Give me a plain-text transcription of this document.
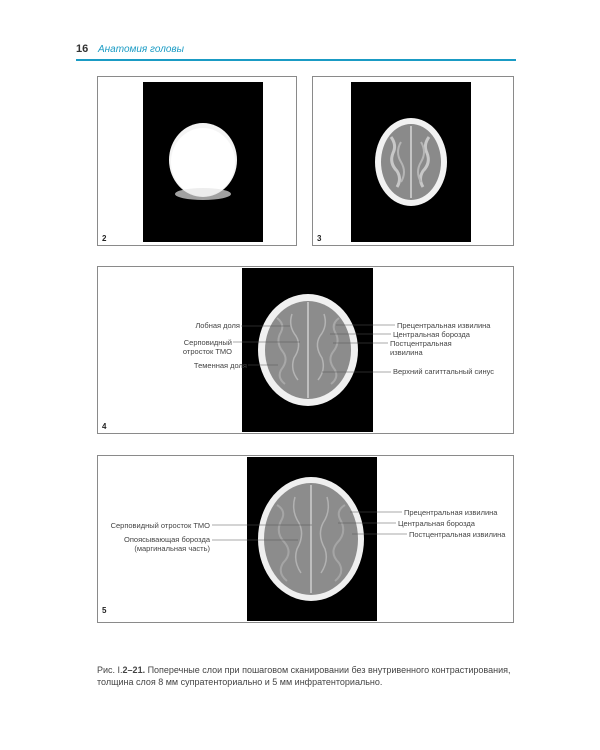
16 Анатомия головы
2	3
4
Лобная доля
Серповидный
отросток ТМО
Теменная доля
Прецентральная извилина
Центральная борозда
Постцентральная
извилина
Верхний сагиттальный синус
5
Серповидный отросток ТМО
Опоясывающая борозда
(маргинальная часть)
Прецентральная извилина
Центральная борозда
Постцентральная извилина
Рис. I.2–21. Поперечные слои при пошаговом сканировании без внутривенного контрастирования,
толщина слоя 8 мм супратенториально и 5 мм инфратенториально.
